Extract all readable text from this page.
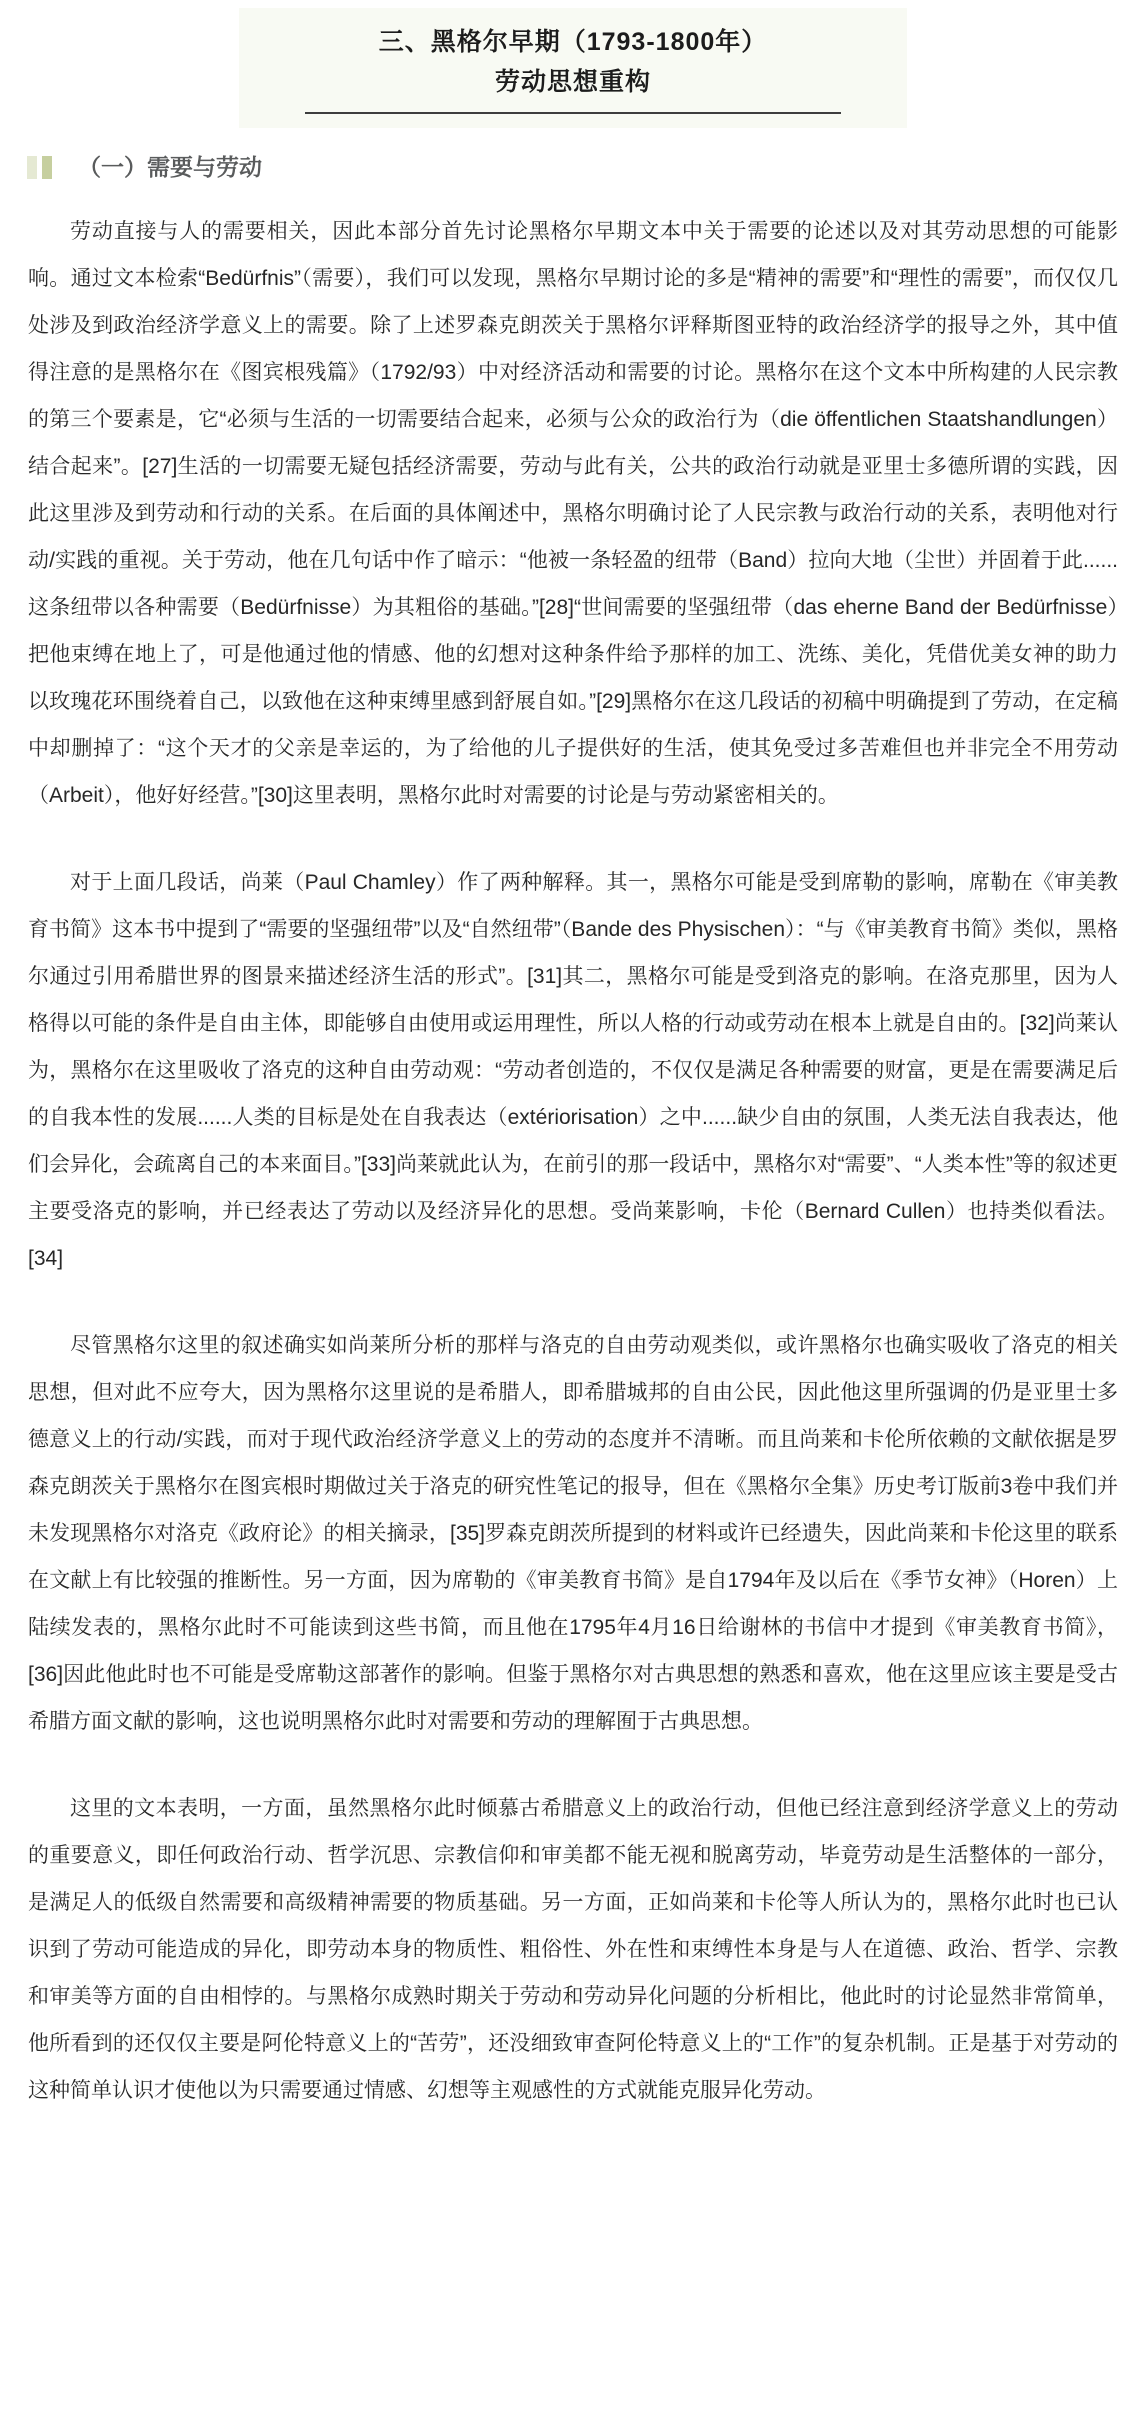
三、黑格尔早期（1793-1800年）
劳动思想重构
（一）需要与劳动

劳动直接与人的需要相关，因此本部分首先讨论黑格尔早期文本中关于需要的论述以及对其劳动思想的可能影响。通过文本检索“Bedürfnis”（需要），我们可以发现，黑格尔早期讨论的多是“精神的需要”和“理性的需要”，而仅仅几处涉及到政治经济学意义上的需要。除了上述罗森克朗茨关于黑格尔评释斯图亚特的政治经济学的报导之外，其中值得注意的是黑格尔在《图宾根残篇》（1792/93）中对经济活动和需要的讨论。黑格尔在这个文本中所构建的人民宗教的第三个要素是，它“必须与生活的一切需要结合起来，必须与公众的政治行为（die öffentlichen Staatshandlungen）结合起来”。[27]生活的一切需要无疑包括经济需要，劳动与此有关，公共的政治行动就是亚里士多德所谓的实践，因此这里涉及到劳动和行动的关系。在后面的具体阐述中，黑格尔明确讨论了人民宗教与政治行动的关系，表明他对行动/实践的重视。关于劳动，他在几句话中作了暗示：“他被一条轻盈的纽带（Band）拉向大地（尘世）并固着于此......这条纽带以各种需要（Bedürfnisse）为其粗俗的基础。”[28]“世间需要的坚强纽带（das eherne Band der Bedürfnisse）把他束缚在地上了，可是他通过他的情感、他的幻想对这种条件给予那样的加工、洗练、美化，凭借优美女神的助力以玫瑰花环围绕着自己，以致他在这种束缚里感到舒展自如。”[29]黑格尔在这几段话的初稿中明确提到了劳动，在定稿中却删掉了：“这个天才的父亲是幸运的，为了给他的儿子提供好的生活，使其免受过多苦难但也并非完全不用劳动（Arbeit），他好好经营。”[30]这里表明，黑格尔此时对需要的讨论是与劳动紧密相关的。

对于上面几段话，尚莱（Paul Chamley）作了两种解释。其一，黑格尔可能是受到席勒的影响，席勒在《审美教育书简》这本书中提到了“需要的坚强纽带”以及“自然纽带”（Bande des Physischen）：“与《审美教育书简》类似，黑格尔通过引用希腊世界的图景来描述经济生活的形式”。[31]其二，黑格尔可能是受到洛克的影响。在洛克那里，因为人格得以可能的条件是自由主体，即能够自由使用或运用理性，所以人格的行动或劳动在根本上就是自由的。[32]尚莱认为，黑格尔在这里吸收了洛克的这种自由劳动观：“劳动者创造的，不仅仅是满足各种需要的财富，更是在需要满足后的自我本性的发展......人类的目标是处在自我表达（extériorisation）之中......缺少自由的氛围，人类无法自我表达，他们会异化，会疏离自己的本来面目。”[33]尚莱就此认为，在前引的那一段话中，黑格尔对“需要”、“人类本性”等的叙述更主要受洛克的影响，并已经表达了劳动以及经济异化的思想。受尚莱影响，卡伦（Bernard Cullen）也持类似看法。[34]

尽管黑格尔这里的叙述确实如尚莱所分析的那样与洛克的自由劳动观类似，或许黑格尔也确实吸收了洛克的相关思想，但对此不应夸大，因为黑格尔这里说的是希腊人，即希腊城邦的自由公民，因此他这里所强调的仍是亚里士多德意义上的行动/实践，而对于现代政治经济学意义上的劳动的态度并不清晰。而且尚莱和卡伦所依赖的文献依据是罗森克朗茨关于黑格尔在图宾根时期做过关于洛克的研究性笔记的报导，但在《黑格尔全集》历史考订版前3卷中我们并未发现黑格尔对洛克《政府论》的相关摘录，[35]罗森克朗茨所提到的材料或许已经遗失，因此尚莱和卡伦这里的联系在文献上有比较强的推断性。另一方面，因为席勒的《审美教育书简》是自1794年及以后在《季节女神》（Horen）上陆续发表的，黑格尔此时不可能读到这些书简，而且他在1795年4月16日给谢林的书信中才提到《审美教育书简》，[36]因此他此时也不可能是受席勒这部著作的影响。但鉴于黑格尔对古典思想的熟悉和喜欢，他在这里应该主要是受古希腊方面文献的影响，这也说明黑格尔此时对需要和劳动的理解囿于古典思想。

这里的文本表明，一方面，虽然黑格尔此时倾慕古希腊意义上的政治行动，但他已经注意到经济学意义上的劳动的重要意义，即任何政治行动、哲学沉思、宗教信仰和审美都不能无视和脱离劳动，毕竟劳动是生活整体的一部分，是满足人的低级自然需要和高级精神需要的物质基础。另一方面，正如尚莱和卡伦等人所认为的，黑格尔此时也已认识到了劳动可能造成的异化，即劳动本身的物质性、粗俗性、外在性和束缚性本身是与人在道德、政治、哲学、宗教和审美等方面的自由相悖的。与黑格尔成熟时期关于劳动和劳动异化问题的分析相比，他此时的讨论显然非常简单，他所看到的还仅仅主要是阿伦特意义上的“苦劳”，还没细致审查阿伦特意义上的“工作”的复杂机制。正是基于对劳动的这种简单认识才使他以为只需要通过情感、幻想等主观感性的方式就能克服异化劳动。
